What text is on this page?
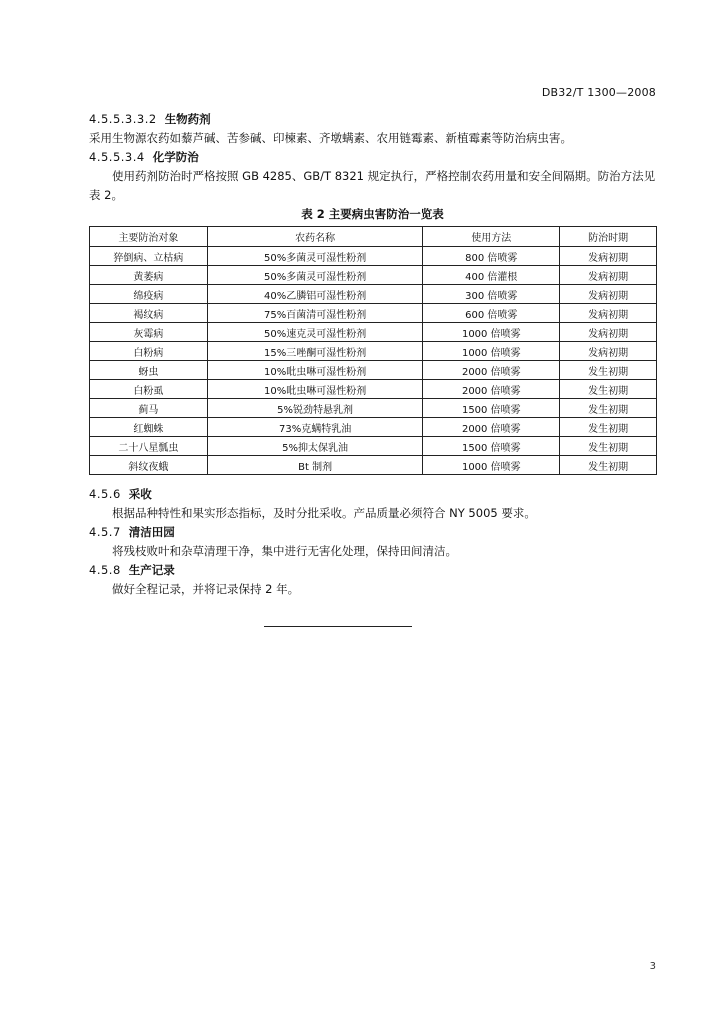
DB32/T 1300—2008
4.5.5.3.3.2 生物药剂
采用生物源农药如藜芦碱、苦参碱、印楝素、齐墩螨素、农用链霉素、新植霉素等防治病虫害。
4.5.5.3.4 化学防治
使用药剂防治时严格按照 GB 4285、GB/T 8321 规定执行，严格控制农药用量和安全间隔期。防治方法见表 2。
表 2 主要病虫害防治一览表
主要防治对象	农药名称	使用方法	防治时期
猝倒病、立枯病	50%多菌灵可湿性粉剂	800 倍喷雾	发病初期
黄萎病	50%多菌灵可湿性粉剂	400 倍灌根	发病初期
绵疫病	40%乙膦铝可湿性粉剂	300 倍喷雾	发病初期
褐纹病	75%百菌清可湿性粉剂	600 倍喷雾	发病初期
灰霉病	50%速克灵可湿性粉剂	1000 倍喷雾	发病初期
白粉病	15%三唑酮可湿性粉剂	1000 倍喷雾	发病初期
蚜虫	10%吡虫啉可湿性粉剂	2000 倍喷雾	发生初期
白粉虱	10%吡虫啉可湿性粉剂	2000 倍喷雾	发生初期
蓟马	5%锐劲特悬乳剂	1500 倍喷雾	发生初期
红蜘蛛	73%克螨特乳油	2000 倍喷雾	发生初期
二十八星瓢虫	5%抑太保乳油	1500 倍喷雾	发生初期
斜纹夜蛾	Bt 制剂	1000 倍喷雾	发生初期
4.5.6 采收
根据品种特性和果实形态指标，及时分批采收。产品质量必须符合 NY 5005 要求。
4.5.7 清洁田园
将残枝败叶和杂草清理干净，集中进行无害化处理，保持田间清洁。
4.5.8 生产记录
做好全程记录，并将记录保持 2 年。
3
